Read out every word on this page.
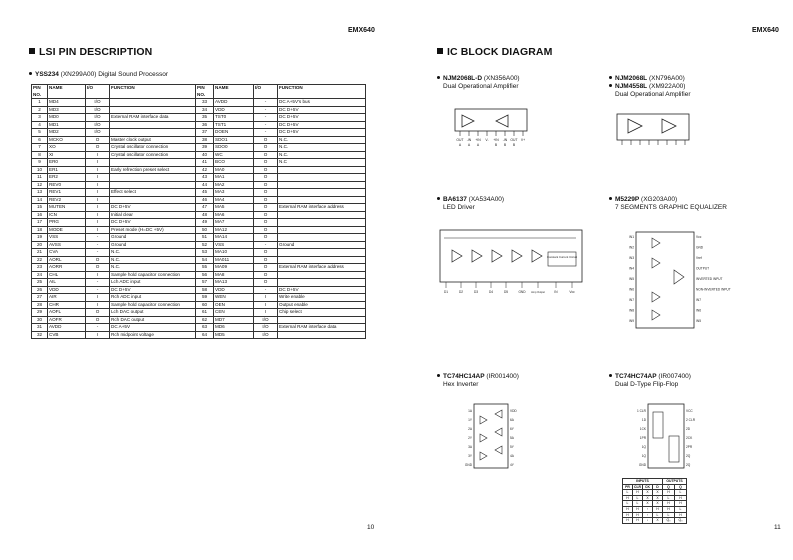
EMX640
LSI PIN DESCRIPTION
YSS234 (XN299A00) Digital Sound Processor
PIN NO.	NAME	I/O	FUNCTION	PIN NO.	NAME	I/O	FUNCTION
1	MD4	I/O		33	AVDD	-	DC A+5V's bus
2	MD3	I/O		34	VDD	-	DC D+5V
3	MD0	I/O	External RAM interface data	35	TST0	-	DC D+5V
4	MD1	I/O		36	TST1	-	DC D+5V
5	MD2	I/O		37	DOEN	-	DC D+5V
6	MCKO	O	Master clock output	38	SDO1	O	N.C.
7	XO	O	Crystal oscillator connection	39	SDO0	O	N.C.
8	XI	I	Crystal oscillator connection	40	WC	O	N.C.
9	ER0	I		41	BCO	O	N.C
10	ER1	I	Early refrection preset select	42	MA0	O	
11	ER2	I		43	MA1	O	
12	REV0	I		44	MA2	O	
13	REV1	I	Effect select	45	MA3	O	
14	REV2	I		46	MA4	O	
15	MUTEN	I	DC D+5V	47	MA5	O	External RAM interface address
16	ICN	I	Initial clear	48	MA6	O	
17	PRG	I	DC D+5V	49	MA7	O	
18	MODE	I	Preset mode (H=DC +5V)	50	MA12	O	
19	VSS	-	Ground	51	MA14	O	
20	AVSS	-	Ground	52	VSS	-	Ground
21	CVA	-	N.C.	53	MA10	O	
22	AORL	O	N.C.	54	MA011	O	
23	AORR	O	N.C.	55	MA09	O	External RAM interface address
24	CHL	I	Sample hold capacitor connection	56	MA8	O	
25	AIL	-	Lch ADC input	57	MA13	O	
26	VDD	-	DC D+5V	58	VDD	-	DC D+5V
27	AIR	I	Rch ADC input	59	WEN	I	Write enable
28	CHR	I	Sample hold capacitor connection	60	OEN	I	Output enable
29	AOFL	O	Lch DAC output	61	CEN	I	Chip select
30	AOFR	O	Rch DAC output	62	MD7	I/O	
31	AVDD	-	DC A+5V	63	MD6	I/O	External RAM interface data
32	CVB	I	Rch midpoint voltage	64	MD5	I/O	
10
EMX640
IC BLOCK DIAGRAM
NJM2068L-D (XN356A00)
Dual Operational Amplifier
NJM2068L (XN796A00)
NJM4558L (XM922A00)
Dual Operational Amplifier
BA6137 (XA534A00)
LED Driver
M5229P (XG203A00)
7 SEGMENTS GRAPHIC EQUALIZER
TC74HC14AP (IR001400)
Hex Inverter
TC74HC74AP (IR007400)
Dual D-Type Flip-Flop
OUT -IN +IN V- +IN -IN OUT V+
A A A	B B B
Constant Current Circuit
D1	D2	D3	D4	D5	GND Amp Output	IN	Vcc
IN1
IN2
IN3
IN4
IN5
IN6
IN7
IN8
IN9
Vcc
GND
Vref
OUTPUT
INVERTED INPUT
NON-INVERTED INPUT
IN7
IN6
IN5
1A
1Y
2A
2Y
3A
3Y
GND
VDD
6A
6Y
5A
5Y
4A
4Y
1 CLR
1D
1CK
1PR
1Q
1Q
GND
VCC
2 CLR
2D
2CK
2PR
2Q
2Q
INPUTS				OUTPUTS	
PR	CLR	CK	D	Q	Q
L	H	X	X	H	L
H	L	X	X	L	H
L	L	X	X	H	H
H	H	↑	H	H	L
H	H	↑	L	L	H
H	H	↓	X	Q₀	Q₀
11
